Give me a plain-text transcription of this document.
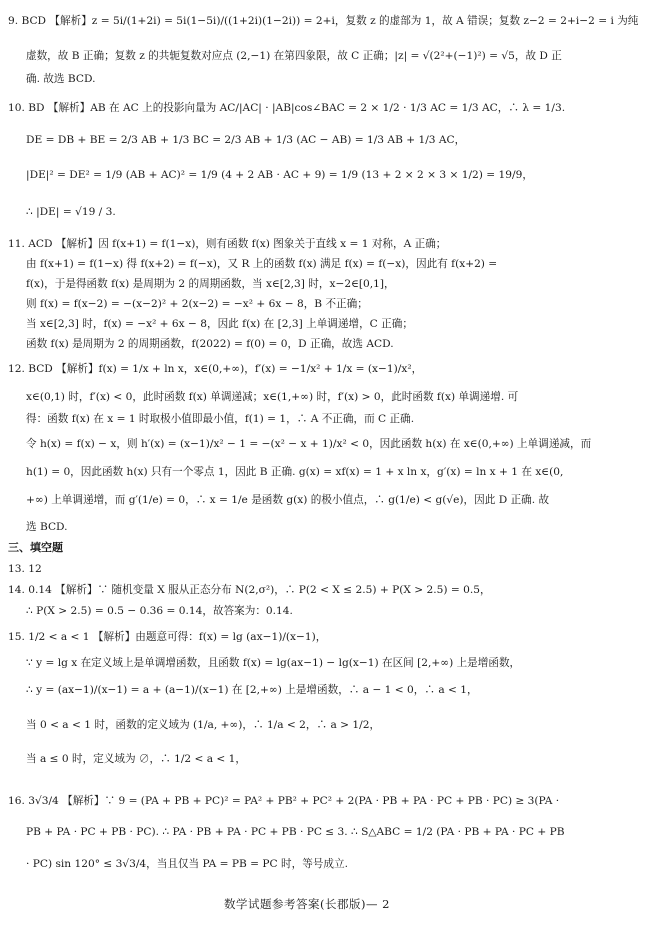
9. BCD 【解析】z = 5i/(1+2i) = 5i(1−5i)/((1+2i)(1−2i)) = 2+i，复数 z 的虚部为 1，故 A 错误；复数 z−2 = 2+i−2 = i 为纯
虚数，故 B 正确；复数 z 的共轭复数对应点 (2,−1) 在第四象限，故 C 正确；|z| = √(2²+(−1)²) = √5，故 D 正
确. 故选 BCD.
10. BD 【解析】AB 在 AC 上的投影向量为 AC/|AC| · |AB|cos∠BAC = 2 × 1/2 · 1/3 AC = 1/3 AC，∴ λ = 1/3.
DE = DB + BE = 2/3 AB + 1/3 BC = 2/3 AB + 1/3 (AC − AB) = 1/3 AB + 1/3 AC，
|DE|² = DE² = 1/9 (AB + AC)² = 1/9 (4 + 2 AB · AC + 9) = 1/9 (13 + 2 × 2 × 3 × 1/2) = 19/9，
∴ |DE| = √19 / 3.
11. ACD 【解析】因 f(x+1) = f(1−x)，则有函数 f(x) 图象关于直线 x = 1 对称，A 正确；
由 f(x+1) = f(1−x) 得 f(x+2) = f(−x)，又 R 上的函数 f(x) 满足 f(x) = f(−x)，因此有 f(x+2) =
f(x)，于是得函数 f(x) 是周期为 2 的周期函数，当 x∈[2,3] 时，x−2∈[0,1]，
则 f(x) = f(x−2) = −(x−2)² + 2(x−2) = −x² + 6x − 8，B 不正确；
当 x∈[2,3] 时，f(x) = −x² + 6x − 8，因此 f(x) 在 [2,3] 上单调递增，C 正确；
函数 f(x) 是周期为 2 的周期函数，f(2022) = f(0) = 0，D 正确，故选 ACD.
12. BCD 【解析】f(x) = 1/x + ln x，x∈(0,+∞)，f′(x) = −1/x² + 1/x = (x−1)/x²，
x∈(0,1) 时，f′(x) < 0，此时函数 f(x) 单调递减；x∈(1,+∞) 时，f′(x) > 0，此时函数 f(x) 单调递增. 可
得：函数 f(x) 在 x = 1 时取极小值即最小值，f(1) = 1，∴ A 不正确，而 C 正确.
令 h(x) = f(x) − x，则 h′(x) = (x−1)/x² − 1 = −(x² − x + 1)/x² < 0，因此函数 h(x) 在 x∈(0,+∞) 上单调递减，而
h(1) = 0，因此函数 h(x) 只有一个零点 1，因此 B 正确. g(x) = xf(x) = 1 + x ln x，g′(x) = ln x + 1 在 x∈(0,
+∞) 上单调递增，而 g′(1/e) = 0，∴ x = 1/e 是函数 g(x) 的极小值点，∴ g(1/e) < g(√e)，因此 D 正确. 故
选 BCD.
三、填空题
13. 12
14. 0.14 【解析】∵ 随机变量 X 服从正态分布 N(2,σ²)，∴ P(2 < X ≤ 2.5) + P(X > 2.5) = 0.5，
∴ P(X > 2.5) = 0.5 − 0.36 = 0.14，故答案为：0.14.
15. 1/2 < a < 1 【解析】由题意可得：f(x) = lg (ax−1)/(x−1)，
∵ y = lg x 在定义域上是单调增函数，且函数 f(x) = lg(ax−1) − lg(x−1) 在区间 [2,+∞) 上是增函数，
∴ y = (ax−1)/(x−1) = a + (a−1)/(x−1) 在 [2,+∞) 上是增函数，∴ a − 1 < 0，∴ a < 1，
当 0 < a < 1 时，函数的定义域为 (1/a, +∞)，∴ 1/a < 2，∴ a > 1/2，
当 a ≤ 0 时，定义域为 ∅，∴ 1/2 < a < 1，
16. 3√3/4 【解析】∵ 9 = (PA + PB + PC)² = PA² + PB² + PC² + 2(PA · PB + PA · PC + PB · PC) ≥ 3(PA ·
PB + PA · PC + PB · PC). ∴ PA · PB + PA · PC + PB · PC ≤ 3. ∴ S△ABC = 1/2 (PA · PB + PA · PC + PB
· PC) sin 120° ≤ 3√3/4，当且仅当 PA = PB = PC 时，等号成立.
数学试题参考答案(长郡版)— 2
